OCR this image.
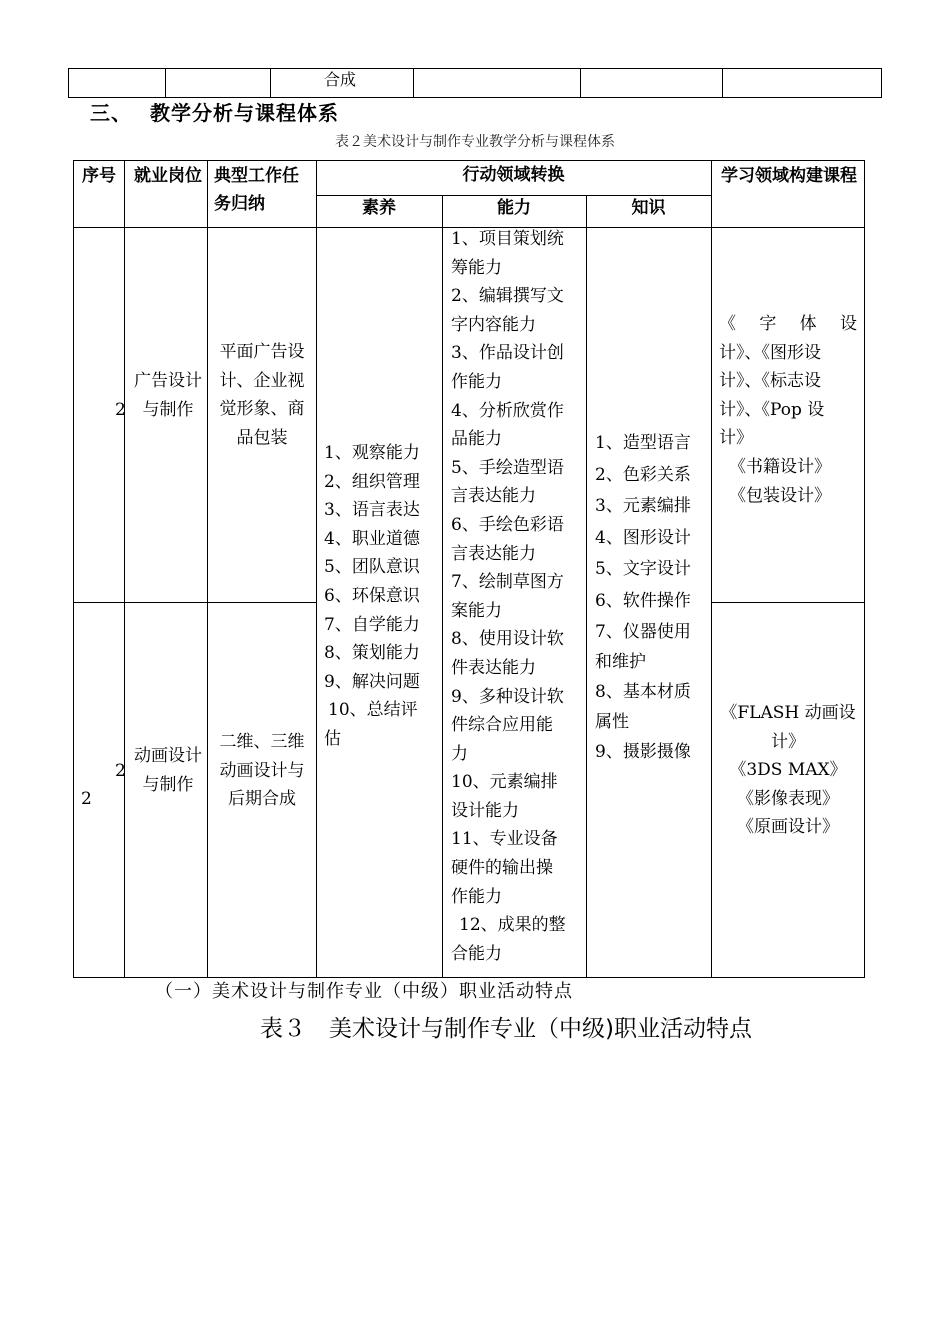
合成
三、 教学分析与课程体系
表２美术设计与制作专业教学分析与课程体系
序号 就业岗位 典型工作任务归纳
行动领域转换
素养	能力	知识
学习领域构建课程
2
广告设计与制作
平面广告设计、企业视觉形象、商品包装
《 字 体 设
计》、《图形设
计》、《标志设
计》、《Pop 设
计》
《书籍设计》
《包装设计》
2
2
动画设计与制作
二维、三维动画设计与后期合成
《FLASH 动画设
计》
《3DS MAX》
《影像表现》
《原画设计》
1、观察能力
2、组织管理
3、语言表达
4、职业道德
5、团队意识
6、环保意识
7、自学能力
8、策划能力
9、解决问题
10、总结评
估
1、项目策划统
筹能力
2、编辑撰写文
字内容能力
3、作品设计创
作能力
4、分析欣赏作
品能力
5、手绘造型语
言表达能力
6、手绘色彩语
言表达能力
7、绘制草图方
案能力
8、使用设计软
件表达能力
9、多种设计软
件综合应用能
力
10、元素编排
设计能力
11、专业设备
硬件的输出操
作能力
12、成果的整
合能力
1、造型语言
2、色彩关系
3、元素编排
4、图形设计
5、文字设计
6、软件操作
7、仪器使用
和维护
8、基本材质
属性
9、摄影摄像
（一）美术设计与制作专业（中级）职业活动特点
表３　美术设计与制作专业（中级)职业活动特点
